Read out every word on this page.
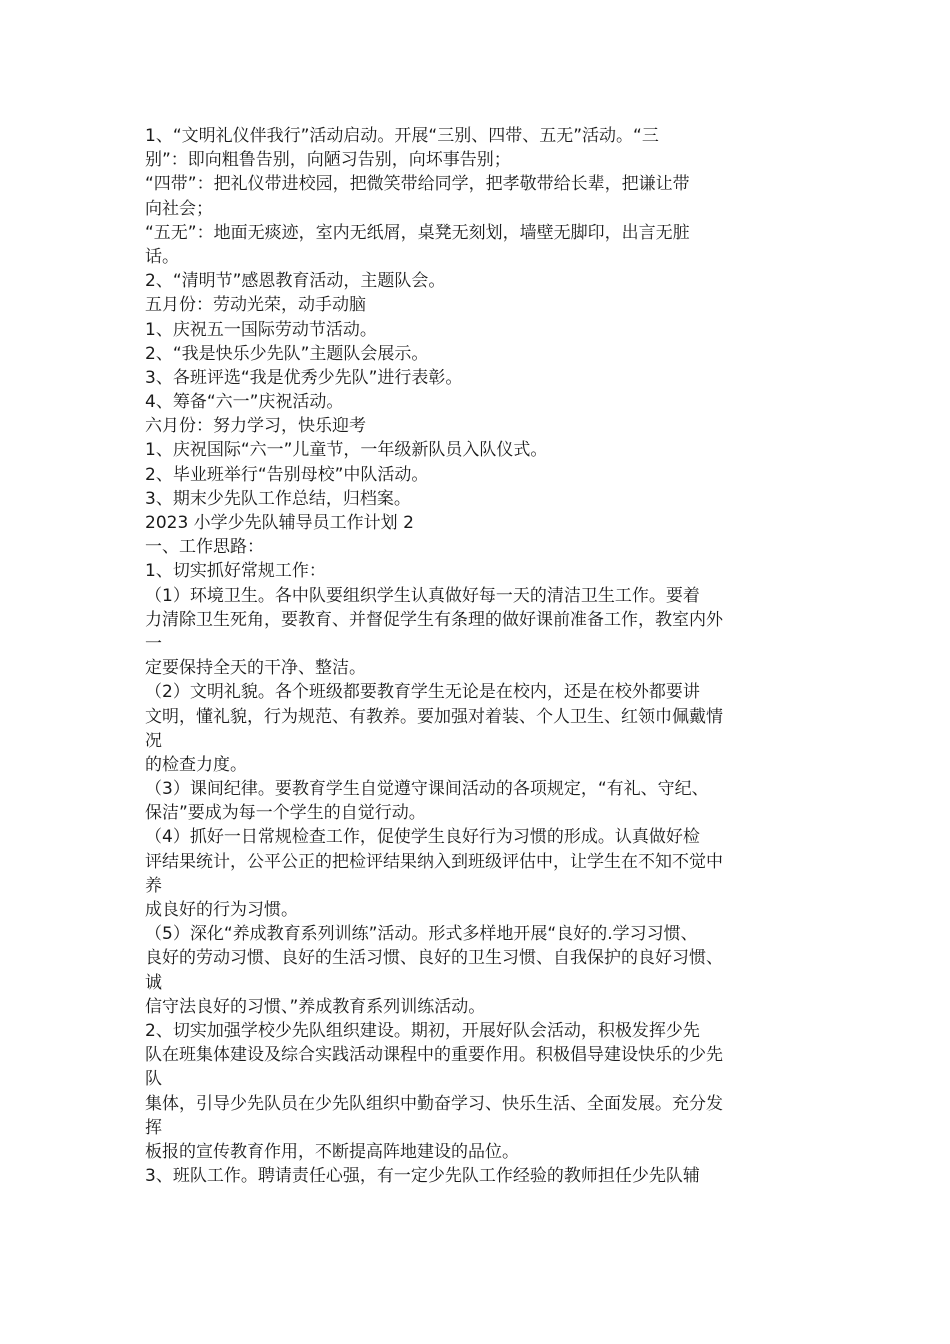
1、“文明礼仪伴我行”活动启动。开展“三别、四带、五无”活动。“三
别”：即向粗鲁告别，向陋习告别，向坏事告别；
“四带”：把礼仪带进校园，把微笑带给同学，把孝敬带给长辈，把谦让带
向社会；
“五无”：地面无痰迹，室内无纸屑，桌凳无刻划，墙壁无脚印，出言无脏
话。
2、“清明节”感恩教育活动，主题队会。
五月份：劳动光荣，动手动脑
1、庆祝五一国际劳动节活动。
2、“我是快乐少先队”主题队会展示。
3、各班评选“我是优秀少先队”进行表彰。
4、筹备“六一”庆祝活动。
六月份：努力学习，快乐迎考
1、庆祝国际“六一”儿童节，一年级新队员入队仪式。
2、毕业班举行“告别母校”中队活动。
3、期末少先队工作总结，归档案。
2023 小学少先队辅导员工作计划 2
一、工作思路：
1、切实抓好常规工作：
（1）环境卫生。各中队要组织学生认真做好每一天的清洁卫生工作。要着
力清除卫生死角，要教育、并督促学生有条理的做好课前准备工作，教室内外
一
定要保持全天的干净、整洁。
（2）文明礼貌。各个班级都要教育学生无论是在校内，还是在校外都要讲
文明，懂礼貌，行为规范、有教养。要加强对着装、个人卫生、红领巾佩戴情
况
的检查力度。
（3）课间纪律。要教育学生自觉遵守课间活动的各项规定，“有礼、守纪、
保洁”要成为每一个学生的自觉行动。
（4）抓好一日常规检查工作，促使学生良好行为习惯的形成。认真做好检
评结果统计，公平公正的把检评结果纳入到班级评估中，让学生在不知不觉中
养
成良好的行为习惯。
（5）深化“养成教育系列训练”活动。形式多样地开展“良好的.学习习惯、
良好的劳动习惯、良好的生活习惯、良好的卫生习惯、自我保护的良好习惯、
诚
信守法良好的习惯、”养成教育系列训练活动。
2、切实加强学校少先队组织建设。期初，开展好队会活动，积极发挥少先
队在班集体建设及综合实践活动课程中的重要作用。积极倡导建设快乐的少先
队
集体，引导少先队员在少先队组织中勤奋学习、快乐生活、全面发展。充分发
挥
板报的宣传教育作用，不断提高阵地建设的品位。
3、班队工作。聘请责任心强，有一定少先队工作经验的教师担任少先队辅
